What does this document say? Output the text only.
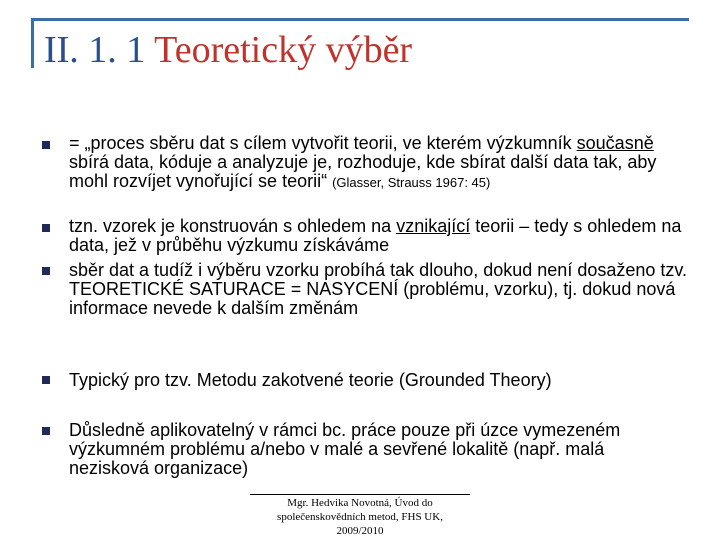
II. 1. 1 Teoretický výběr
= „proces sběru dat s cílem vytvořit teorii, ve kterém výzkumník současně sbírá data, kóduje a analyzuje je, rozhoduje, kde sbírat další data tak, aby mohl rozvíjet vynořující se teorii“ (Glasser, Strauss 1967: 45)
tzn. vzorek je konstruován s ohledem na vznikající teorii – tedy s ohledem na data, jež v průběhu výzkumu získáváme
sběr dat a tudíž i výběru vzorku probíhá tak dlouho, dokud není dosaženo tzv. TEORETICKÉ SATURACE = NASYCENÍ (problému, vzorku), tj. dokud nová informace nevede k dalším změnám
Typický pro tzv. Metodu zakotvené teorie (Grounded Theory)
Důsledně aplikovatelný v rámci bc. práce pouze při úzce vymezeném výzkumném problému a/nebo v malé a sevřené lokalitě (např. malá nezisková organizace)
Mgr. Hedvika Novotná, Úvod do
společenskovědních metod, FHS UK,
2009/2010
